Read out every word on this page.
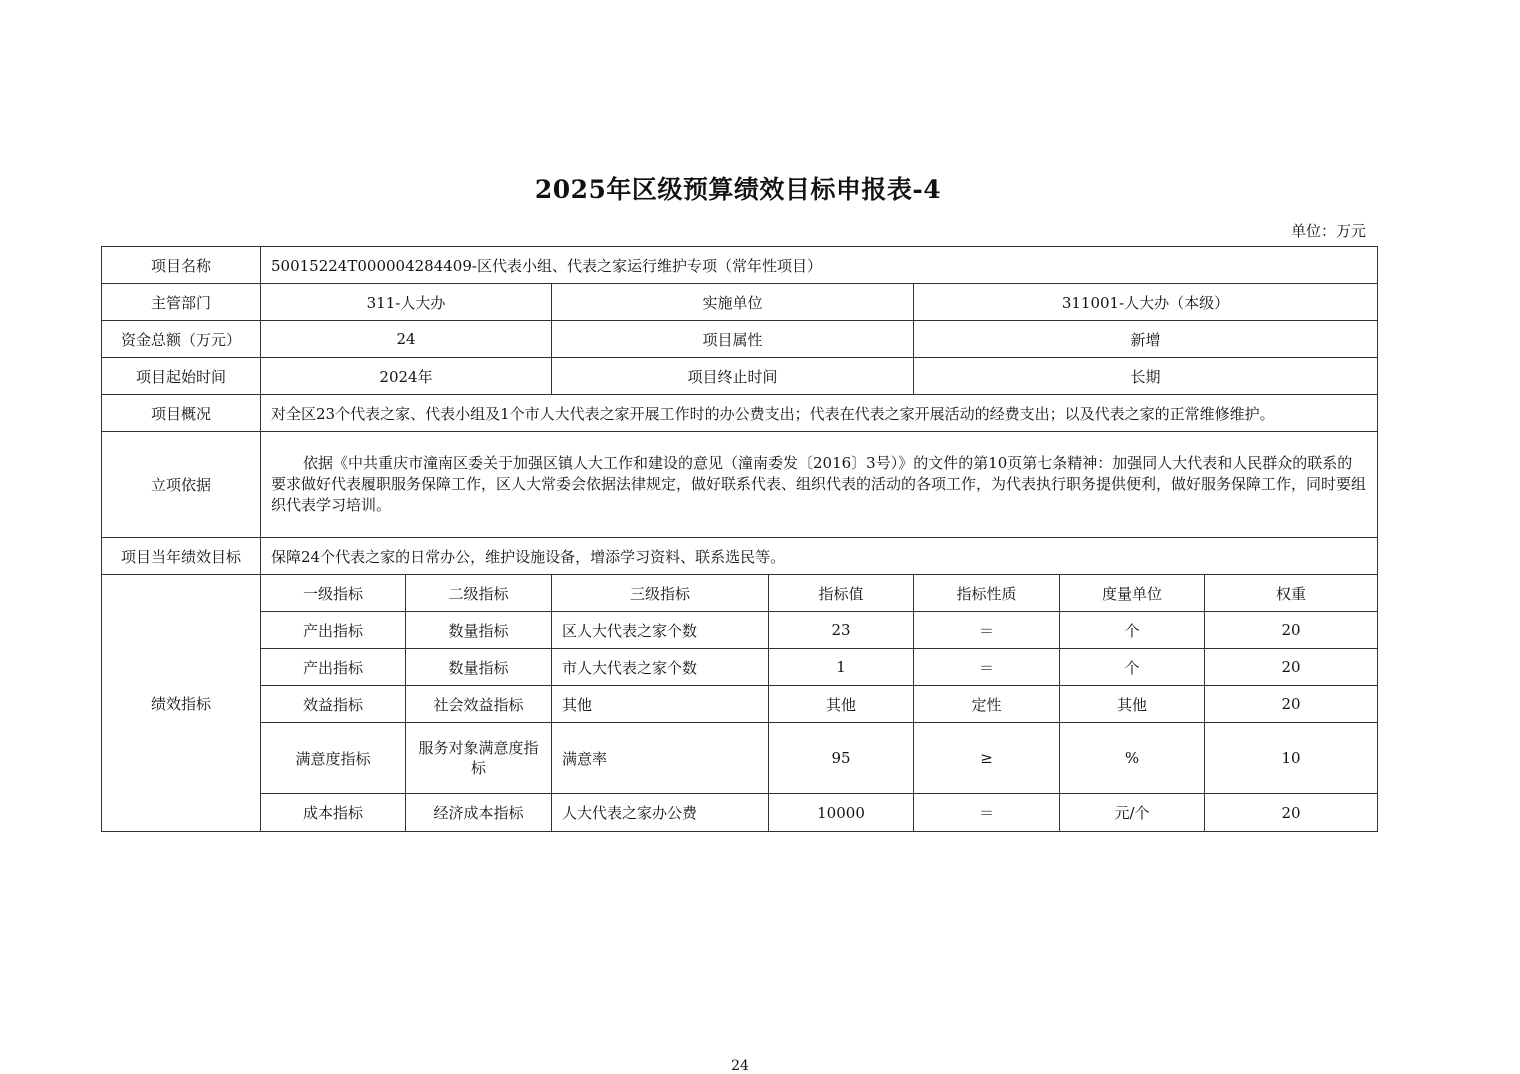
2025年区级预算绩效目标申报表-4
单位：万元
项目名称	50015224T000004284409-区代表小组、代表之家运行维护专项（常年性项目）						
主管部门	311-人大办		实施单位		311001-人大办（本级）		
资金总额（万元）	24		项目属性		新增		
项目起始时间	2024年		项目终止时间		长期		
项目概况	对全区23个代表之家、代表小组及1个市人大代表之家开展工作时的办公费支出；代表在代表之家开展活动的经费支出；以及代表之家的正常维修维护。						
立项依据	依据《中共重庆市潼南区委关于加强区镇人大工作和建设的意见（潼南委发〔2016〕3号）》的文件的第10页第七条精神：加强同人大代表和人民群众的联系的要求做好代表履职服务保障工作，区人大常委会依据法律规定，做好联系代表、组织代表的活动的各项工作，为代表执行职务提供便利，做好服务保障工作，同时要组织代表学习培训。						
项目当年绩效目标	保障24个代表之家的日常办公，维护设施设备，增添学习资料、联系选民等。						
绩效指标	一级指标	二级指标	三级指标	指标值	指标性质	度量单位	权重
	产出指标	数量指标	区人大代表之家个数	23	＝	个	20
	产出指标	数量指标	市人大代表之家个数	1	＝	个	20
	效益指标	社会效益指标	其他	其他	定性	其他	20
	满意度指标	服务对象满意度指标	满意率	95	≥	%	10
	成本指标	经济成本指标	人大代表之家办公费	10000	＝	元/个	20
24
